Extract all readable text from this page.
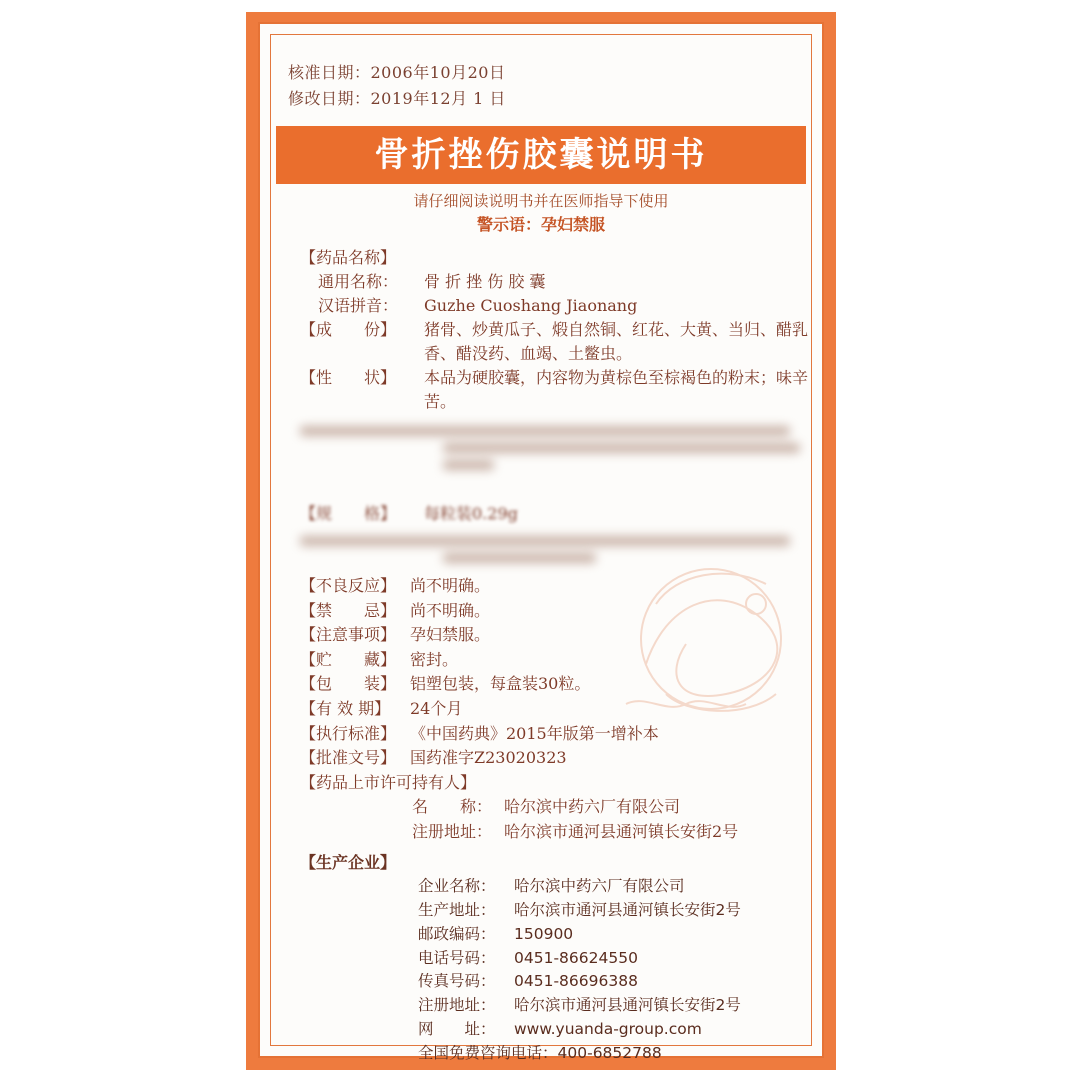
核准日期：2006年10月20日
修改日期：2019年12月 1 日
骨折挫伤胶囊说明书
请仔细阅读说明书并在医师指导下使用
警示语：孕妇禁服
【药品名称】
通用名称：	骨 折 挫 伤 胶 囊
汉语拼音：	Guzhe Cuoshang Jiaonang
【成　　份】	猪骨、炒黄瓜子、煅自然铜、红花、大黄、当归、醋乳香、醋没药、血竭、土鳖虫。
【性　　状】	本品为硬胶囊，内容物为黄棕色至棕褐色的粉末；味辛苦。
【规　　格】	每粒装0.29g
【不良反应】 尚不明确。
【禁　　忌】 尚不明确。
【注意事项】 孕妇禁服。
【贮　　藏】 密封。
【包　　装】 铝塑包装，每盒装30粒。
【有 效 期】	24个月
【执行标准】 《中国药典》2015年版第一增补本
【批准文号】 国药准字Z23020323
【药品上市许可持有人】
名　　称： 哈尔滨中药六厂有限公司
注册地址： 哈尔滨市通河县通河镇长安街2号
【生产企业】
企业名称：	哈尔滨中药六厂有限公司
生产地址：	哈尔滨市通河县通河镇长安街2号
邮政编码：	150900
电话号码：	0451-86624550
传真号码：	0451-86696388
注册地址：	哈尔滨市通河县通河镇长安街2号
网　　址：	www.yuanda-group.com
全国免费咨询电话： 400-6852788
